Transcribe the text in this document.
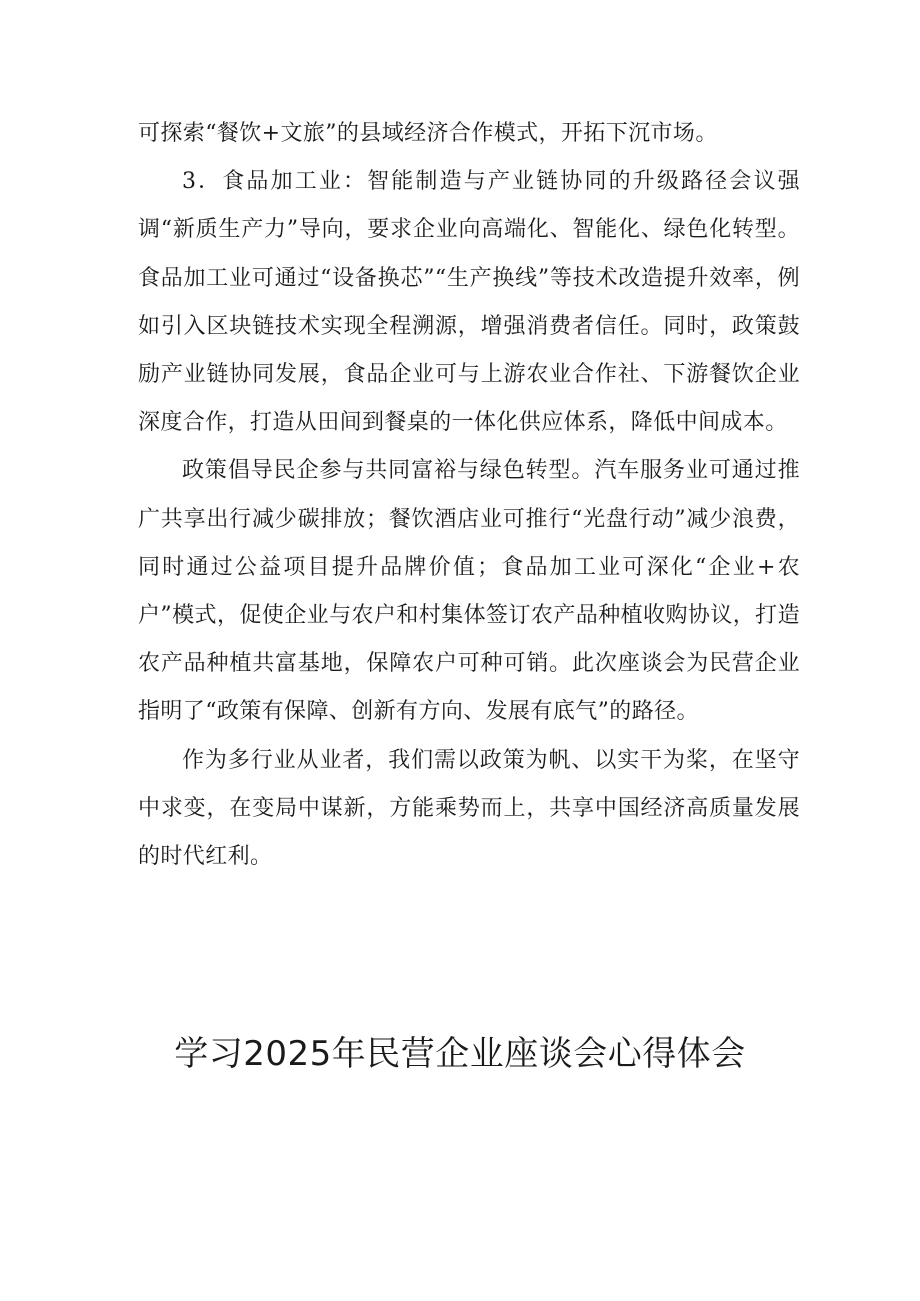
可探索“餐饮+文旅”的县域经济合作模式，开拓下沉市场。

3．食品加工业：智能制造与产业链协同的升级路径会议强调“新质生产力”导向，要求企业向高端化、智能化、绿色化转型。食品加工业可通过“设备换芯”“生产换线”等技术改造提升效率，例如引入区块链技术实现全程溯源，增强消费者信任。同时，政策鼓励产业链协同发展，食品企业可与上游农业合作社、下游餐饮企业深度合作，打造从田间到餐桌的一体化供应体系，降低中间成本。

政策倡导民企参与共同富裕与绿色转型。汽车服务业可通过推广共享出行减少碳排放；餐饮酒店业可推行“光盘行动”减少浪费，同时通过公益项目提升品牌价值；食品加工业可深化“企业+农户”模式，促使企业与农户和村集体签订农产品种植收购协议，打造农产品种植共富基地，保障农户可种可销。此次座谈会为民营企业指明了“政策有保障、创新有方向、发展有底气”的路径。

作为多行业从业者，我们需以政策为帆、以实干为桨，在坚守中求变，在变局中谋新，方能乘势而上，共享中国经济高质量发展的时代红利。

学习2025年民营企业座谈会心得体会
